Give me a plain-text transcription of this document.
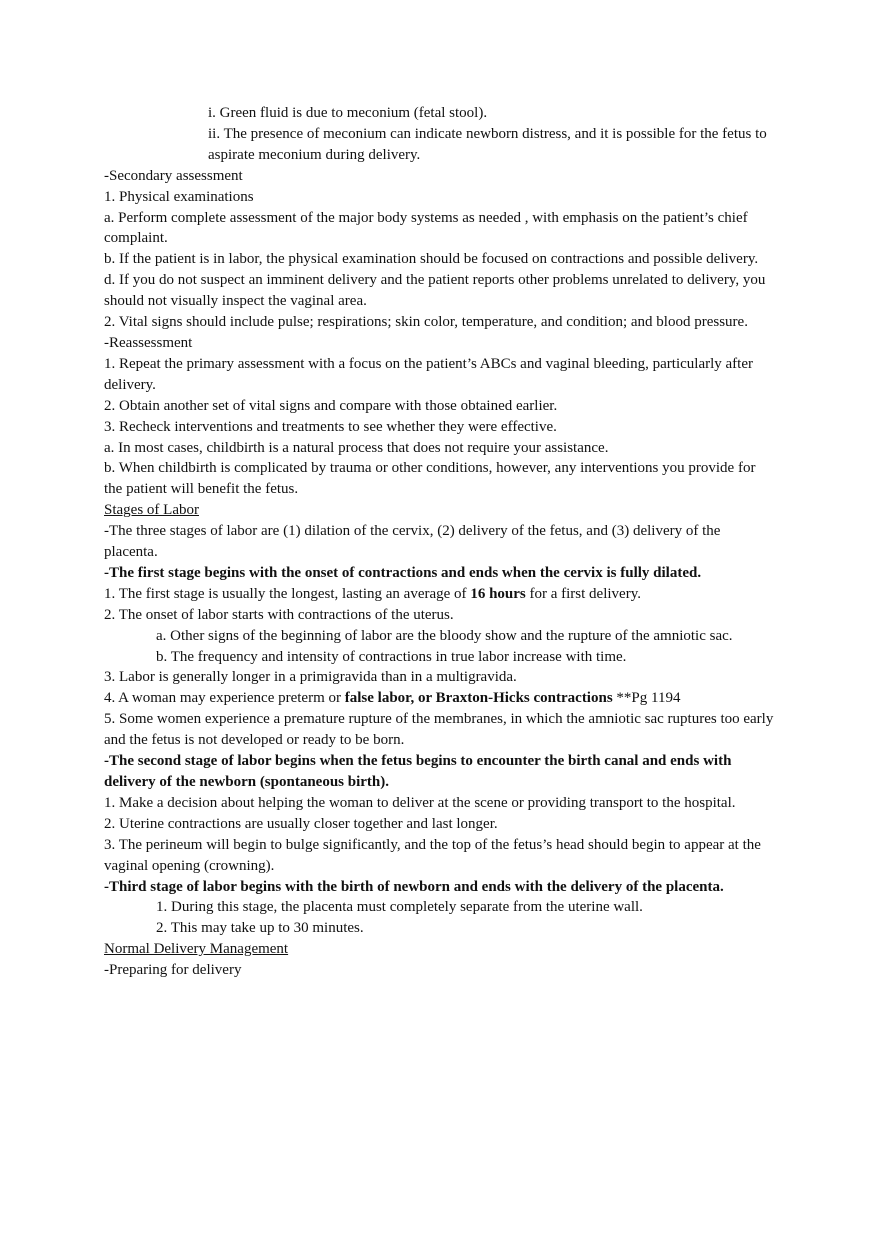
i. Green fluid is due to meconium (fetal stool).

ii. The presence of meconium can indicate newborn distress, and it is possible for the fetus to aspirate meconium during delivery.

-Secondary assessment

1. Physical examinations

a. Perform complete assessment of the major body systems as needed , with emphasis on the patient’s chief complaint.

b. If the patient is in labor, the physical examination should be focused on contractions and possible delivery.

d. If you do not suspect an imminent delivery and the patient reports other problems unrelated to delivery, you should not visually inspect the vaginal area.

2. Vital signs should include pulse; respirations; skin color, temperature, and condition; and blood pressure.

-Reassessment

1. Repeat the primary assessment with a focus on the patient’s ABCs and vaginal bleeding, particularly after delivery.

2. Obtain another set of vital signs and compare with those obtained earlier.

3. Recheck interventions and treatments to see whether they were effective.

a. In most cases, childbirth is a natural process that does not require your assistance.

b. When childbirth is complicated by trauma or other conditions, however, any interventions you provide for the patient will benefit the fetus.

Stages of Labor

-The three stages of labor are (1) dilation of the cervix, (2) delivery of the fetus, and (3) delivery of the placenta.

-The first stage begins with the onset of contractions and ends when the cervix is fully dilated.

1. The first stage is usually the longest, lasting an average of 16 hours for a first delivery.

2. The onset of labor starts with contractions of the uterus.

a. Other signs of the beginning of labor are the bloody show and the rupture of the amniotic sac.

b. The frequency and intensity of contractions in true labor increase with time.

3. Labor is generally longer in a primigravida than in a multigravida.

4. A woman may experience preterm or false labor, or Braxton-Hicks contractions **Pg 1194

5. Some women experience a premature rupture of the membranes, in which the amniotic sac ruptures too early and the fetus is not developed or ready to be born.

-The second stage of labor begins when the fetus begins to encounter the birth canal and ends with delivery of the newborn (spontaneous birth).

1. Make a decision about helping the woman to deliver at the scene or providing transport to the hospital.

2. Uterine contractions are usually closer together and last longer.

3. The perineum will begin to bulge significantly, and the top of the fetus’s head should begin to appear at the vaginal opening (crowning).

-Third stage of labor begins with the birth of newborn and ends with the delivery of the placenta.

1. During this stage, the placenta must completely separate from the uterine wall.

2. This may take up to 30 minutes.

Normal Delivery Management

-Preparing for delivery
